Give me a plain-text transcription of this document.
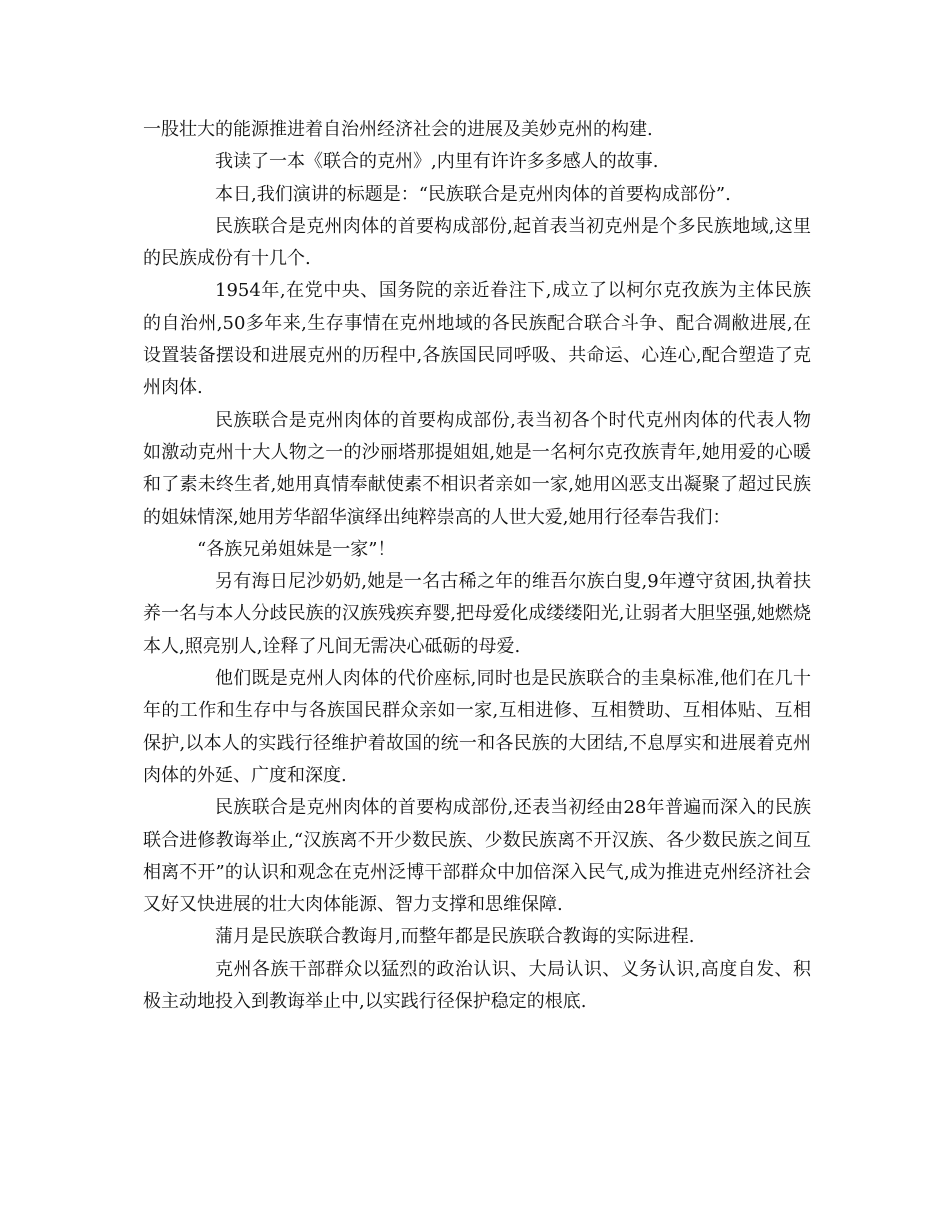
一股壮大的能源推进着自治州经济社会的进展及美妙克州的构建.

我读了一本《联合的克州》,内里有许许多多感人的故事.

本日,我们演讲的标题是：“民族联合是克州肉体的首要构成部份”.

民族联合是克州肉体的首要构成部份,起首表当初克州是个多民族地域,这里的民族成份有十几个.

1954年,在党中央、国务院的亲近眷注下,成立了以柯尔克孜族为主体民族的自治州,50多年来,生存事情在克州地域的各民族配合联合斗争、配合凋敝进展,在设置装备摆设和进展克州的历程中,各族国民同呼吸、共命运、心连心,配合塑造了克州肉体.

民族联合是克州肉体的首要构成部份,表当初各个时代克州肉体的代表人物如激动克州十大人物之一的沙丽塔那提姐姐,她是一名柯尔克孜族青年,她用爱的心暖和了素未终生者,她用真情奉献使素不相识者亲如一家,她用凶恶支出凝聚了超过民族的姐妹情深,她用芳华韶华演绎出纯粹崇高的人世大爱,她用行径奉告我们：

“各族兄弟姐妹是一家”！

另有海日尼沙奶奶,她是一名古稀之年的维吾尔族白叟,9年遵守贫困,执着扶养一名与本人分歧民族的汉族残疾弃婴,把母爱化成缕缕阳光,让弱者大胆坚强,她燃烧本人,照亮别人,诠释了凡间无需决心砥砺的母爱.

他们既是克州人肉体的代价座标,同时也是民族联合的圭臬标准,他们在几十年的工作和生存中与各族国民群众亲如一家,互相进修、互相赞助、互相体贴、互相保护,以本人的实践行径维护着故国的统一和各民族的大团结,不息厚实和进展着克州肉体的外延、广度和深度.

民族联合是克州肉体的首要构成部份,还表当初经由28年普遍而深入的民族联合进修教诲举止,“汉族离不开少数民族、少数民族离不开汉族、各少数民族之间互相离不开”的认识和观念在克州泛博干部群众中加倍深入民气,成为推进克州经济社会又好又快进展的壮大肉体能源、智力支撑和思维保障.

蒲月是民族联合教诲月,而整年都是民族联合教诲的实际进程.

克州各族干部群众以猛烈的政治认识、大局认识、义务认识,高度自发、积极主动地投入到教诲举止中,以实践行径保护稳定的根底.
